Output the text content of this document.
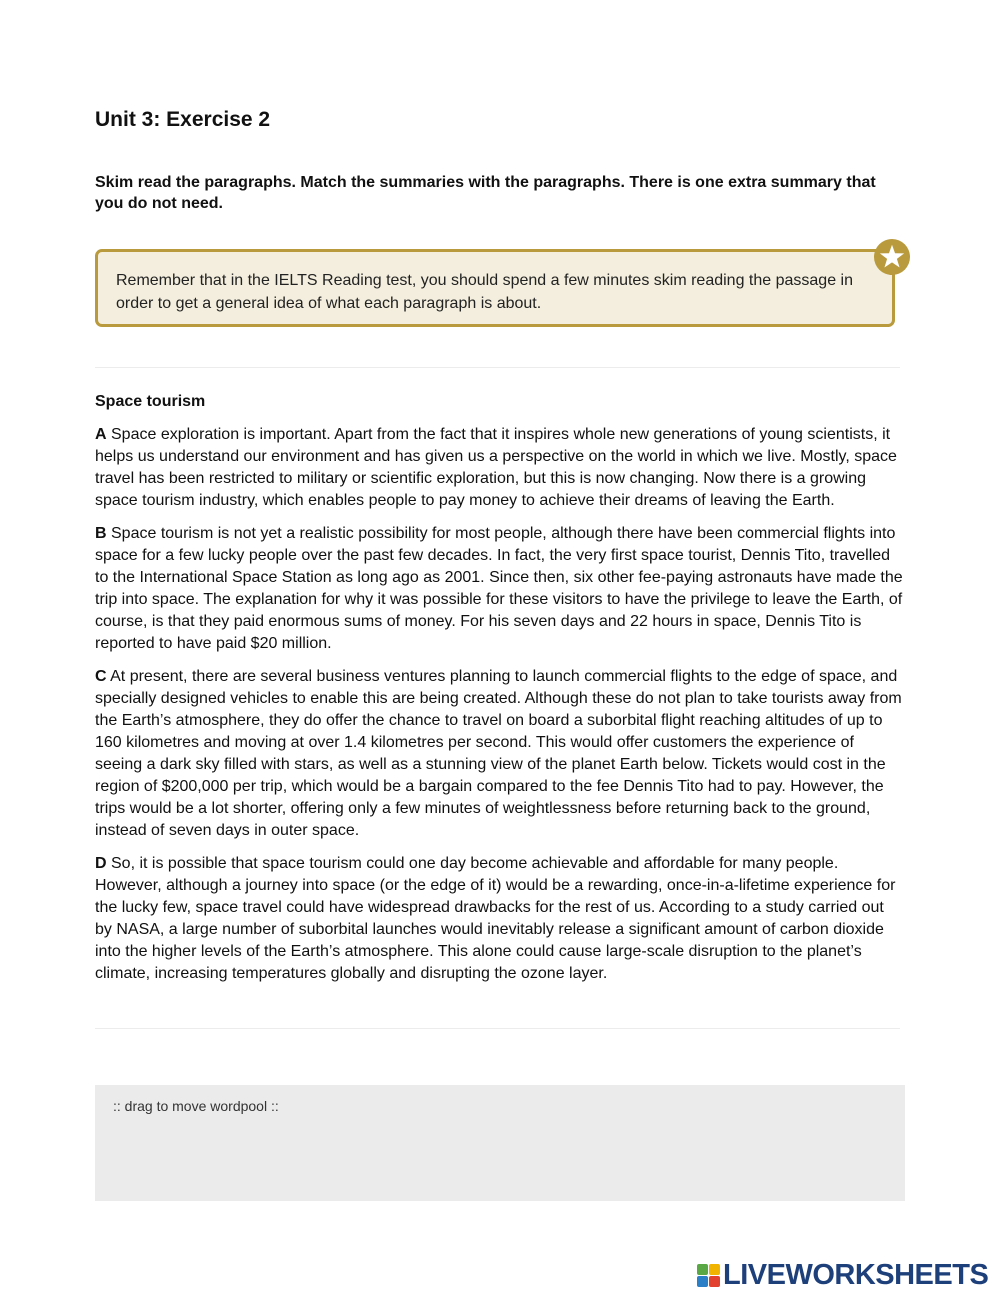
Unit 3: Exercise 2
Skim read the paragraphs. Match the summaries with the paragraphs. There is one extra summary that you do not need.
Remember that in the IELTS Reading test, you should spend a few minutes skim reading the passage in order to get a general idea of what each paragraph is about.
Space tourism

A Space exploration is important. Apart from the fact that it inspires whole new generations of young scientists, it helps us understand our environment and has given us a perspective on the world in which we live. Mostly, space travel has been restricted to military or scientific exploration, but this is now changing. Now there is a growing space tourism industry, which enables people to pay money to achieve their dreams of leaving the Earth.

B Space tourism is not yet a realistic possibility for most people, although there have been commercial flights into space for a few lucky people over the past few decades. In fact, the very first space tourist, Dennis Tito, travelled to the International Space Station as long ago as 2001. Since then, six other fee-paying astronauts have made the trip into space. The explanation for why it was possible for these visitors to have the privilege to leave the Earth, of course, is that they paid enormous sums of money. For his seven days and 22 hours in space, Dennis Tito is reported to have paid $20 million.

C At present, there are several business ventures planning to launch commercial flights to the edge of space, and specially designed vehicles to enable this are being created. Although these do not plan to take tourists away from the Earth’s atmosphere, they do offer the chance to travel on board a suborbital flight reaching altitudes of up to 160 kilometres and moving at over 1.4 kilometres per second. This would offer customers the experience of seeing a dark sky filled with stars, as well as a stunning view of the planet Earth below. Tickets would cost in the region of $200,000 per trip, which would be a bargain compared to the fee Dennis Tito had to pay. However, the trips would be a lot shorter, offering only a few minutes of weightlessness before returning back to the ground, instead of seven days in outer space.

D So, it is possible that space tourism could one day become achievable and affordable for many people. However, although a journey into space (or the edge of it) would be a rewarding, once-in-a-lifetime experience for the lucky few, space travel could have widespread drawbacks for the rest of us. According to a study carried out by NASA, a large number of suborbital launches would inevitably release a significant amount of carbon dioxide into the higher levels of the Earth’s atmosphere. This alone could cause large-scale disruption to the planet’s climate, increasing temperatures globally and disrupting the ozone layer.

:: drag to move wordpool ::
LIVEWORKSHEETS
